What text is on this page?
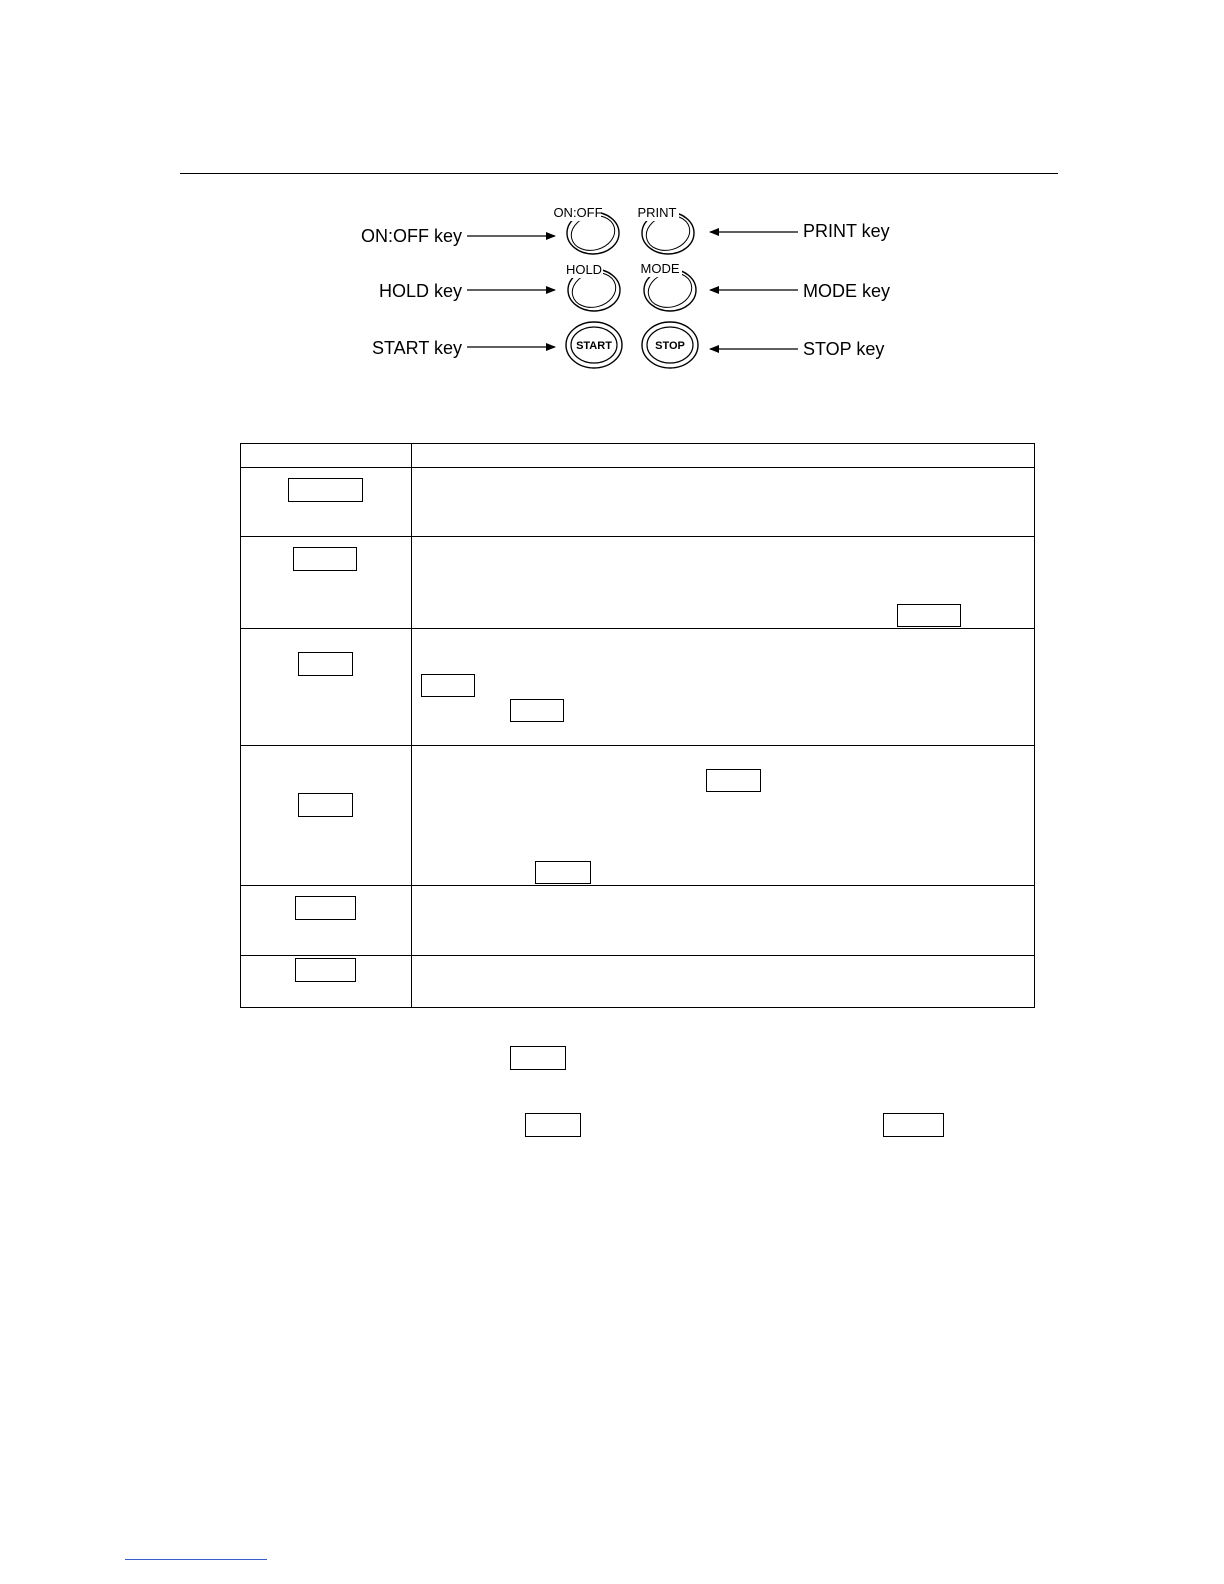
ON:OFF key
HOLD key
START key
PRINT key
MODE key
STOP key
ON:OFF	PRINT
HOLD	MODE
START	STOP
